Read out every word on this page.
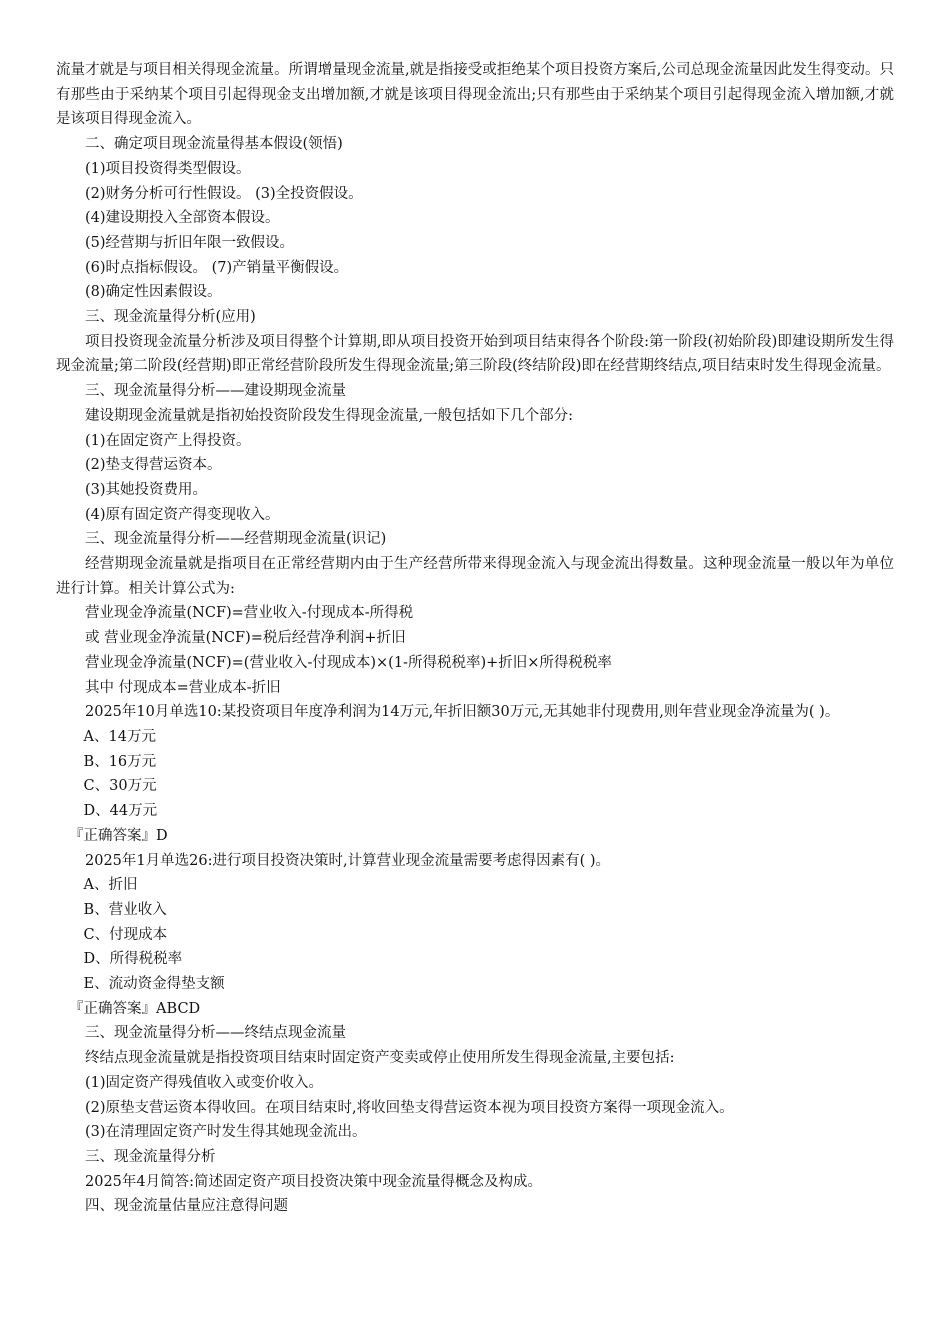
流量才就是与项目相关得现金流量。所谓增量现金流量,就是指接受或拒绝某个项目投资方案后,公司总现金流量因此发生得变动。只有那些由于采纳某个项目引起得现金支出增加额,才就是该项目得现金流出;只有那些由于采纳某个项目引起得现金流入增加额,才就是该项目得现金流入。

二、确定项目现金流量得基本假设(领悟)

(1)项目投资得类型假设。

(2)财务分析可行性假设。 (3)全投资假设。

(4)建设期投入全部资本假设。

(5)经营期与折旧年限一致假设。

(6)时点指标假设。 (7)产销量平衡假设。

(8)确定性因素假设。

三、现金流量得分析(应用)

项目投资现金流量分析涉及项目得整个计算期,即从项目投资开始到项目结束得各个阶段:第一阶段(初始阶段)即建设期所发生得现金流量;第二阶段(经营期)即正常经营阶段所发生得现金流量;第三阶段(终结阶段)即在经营期终结点,项目结束时发生得现金流量。

三、现金流量得分析——建设期现金流量

建设期现金流量就是指初始投资阶段发生得现金流量,一般包括如下几个部分:

(1)在固定资产上得投资。

(2)垫支得营运资本。

(3)其她投资费用。

(4)原有固定资产得变现收入。

三、现金流量得分析——经营期现金流量(识记)

经营期现金流量就是指项目在正常经营期内由于生产经营所带来得现金流入与现金流出得数量。这种现金流量一般以年为单位进行计算。相关计算公式为:

营业现金净流量(NCF)=营业收入-付现成本-所得税

或 营业现金净流量(NCF)=税后经营净利润+折旧

营业现金净流量(NCF)=(营业收入-付现成本)×(1-所得税税率)+折旧×所得税税率

其中 付现成本=营业成本-折旧

2025年10月单选10:某投资项目年度净利润为14万元,年折旧额30万元,无其她非付现费用,则年营业现金净流量为( )。

A、14万元

B、16万元

C、30万元

D、44万元

『正确答案』D

2025年1月单选26:进行项目投资决策时,计算营业现金流量需要考虑得因素有( )。

A、折旧

B、营业收入

C、付现成本

D、所得税税率

E、流动资金得垫支额

『正确答案』ABCD

三、现金流量得分析——终结点现金流量

终结点现金流量就是指投资项目结束时固定资产变卖或停止使用所发生得现金流量,主要包括:

(1)固定资产得残值收入或变价收入。

(2)原垫支营运资本得收回。在项目结束时,将收回垫支得营运资本视为项目投资方案得一项现金流入。

(3)在清理固定资产时发生得其她现金流出。

三、现金流量得分析

2025年4月简答:简述固定资产项目投资决策中现金流量得概念及构成。

四、现金流量估量应注意得问题
